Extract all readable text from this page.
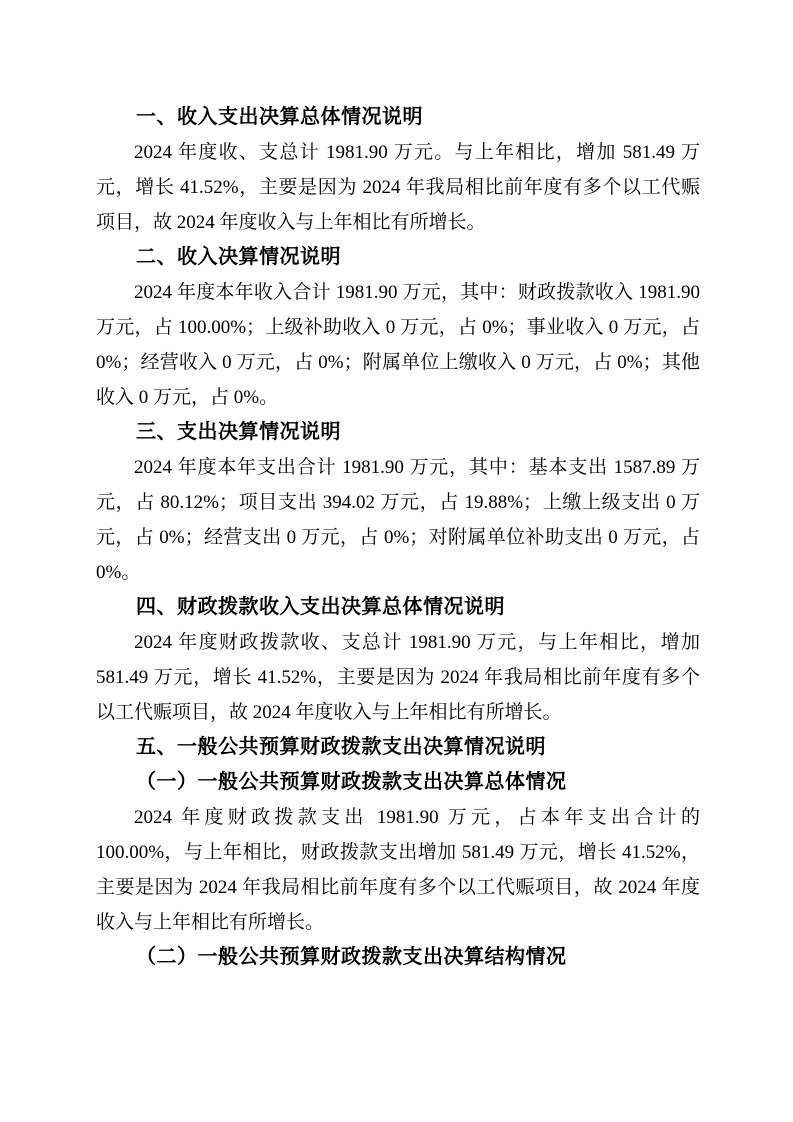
一、收入支出决算总体情况说明
2024 年度收、支总计 1981.90 万元。与上年相比，增加 581.49 万元，增长 41.52%，主要是因为 2024 年我局相比前年度有多个以工代赈项目，故 2024 年度收入与上年相比有所增长。
二、收入决算情况说明
2024 年度本年收入合计 1981.90 万元，其中：财政拨款收入 1981.90 万元，占 100.00%；上级补助收入 0 万元，占 0%；事业收入 0 万元，占 0%；经营收入 0 万元，占 0%；附属单位上缴收入 0 万元，占 0%；其他收入 0 万元，占 0%。
三、支出决算情况说明
2024 年度本年支出合计 1981.90 万元，其中：基本支出 1587.89 万元，占 80.12%；项目支出 394.02 万元，占 19.88%；上缴上级支出 0 万元，占 0%；经营支出 0 万元，占 0%；对附属单位补助支出 0 万元，占 0%。
四、财政拨款收入支出决算总体情况说明
2024 年度财政拨款收、支总计 1981.90 万元，与上年相比，增加 581.49 万元，增长 41.52%，主要是因为 2024 年我局相比前年度有多个以工代赈项目，故 2024 年度收入与上年相比有所增长。
五、一般公共预算财政拨款支出决算情况说明
（一）一般公共预算财政拨款支出决算总体情况
2024 年度财政拨款支出 1981.90 万元，占本年支出合计的 100.00%，与上年相比，财政拨款支出增加 581.49 万元，增长 41.52%，主要是因为 2024 年我局相比前年度有多个以工代赈项目，故 2024 年度收入与上年相比有所增长。
（二）一般公共预算财政拨款支出决算结构情况
